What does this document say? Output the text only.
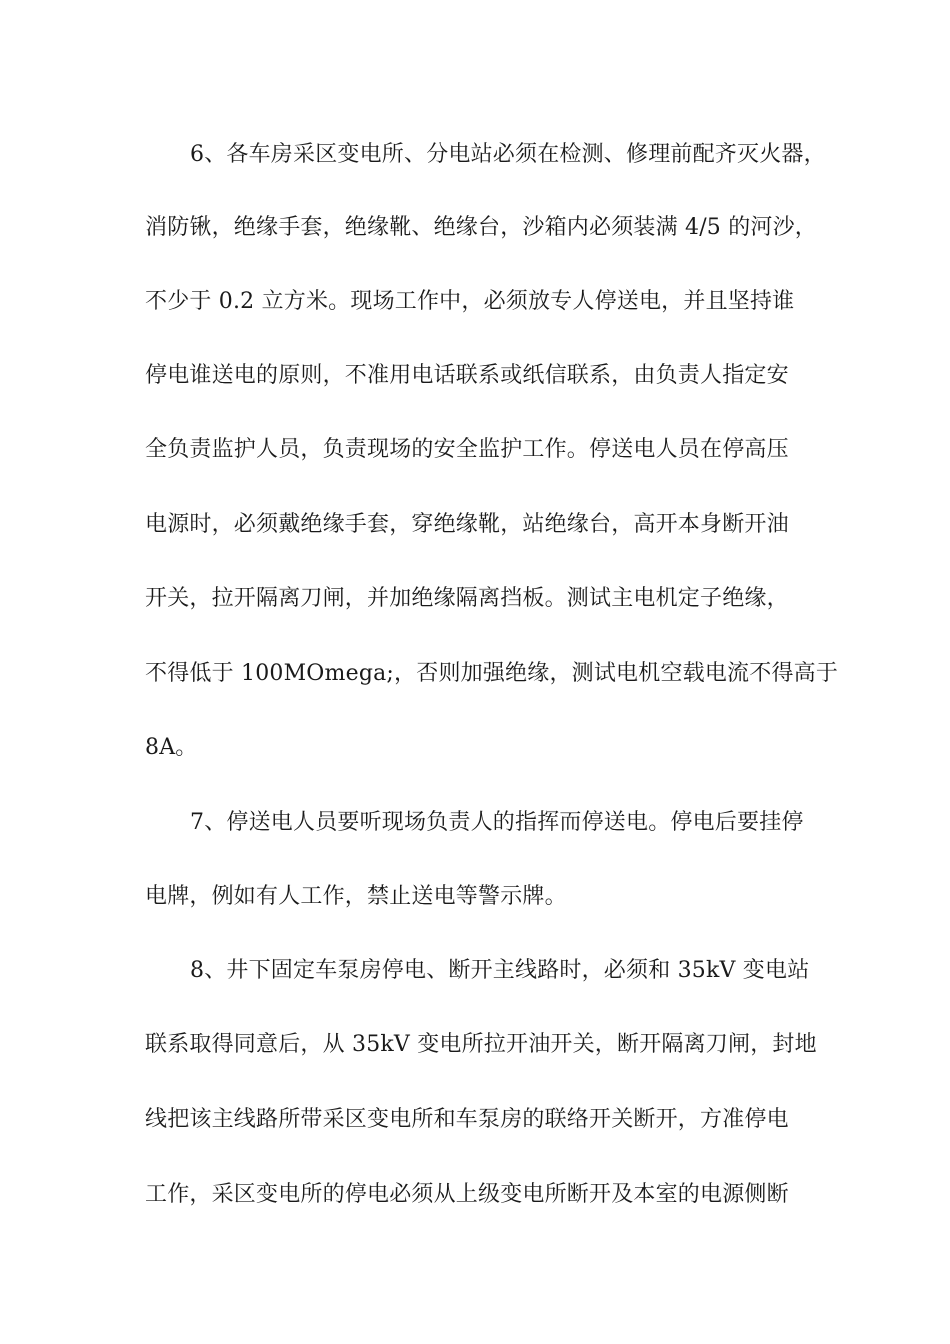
6、各车房采区变电所、分电站必须在检测、修理前配齐灭火器，
消防锹，绝缘手套，绝缘靴、绝缘台，沙箱内必须装满 4/5 的河沙，
不少于 0.2 立方米。现场工作中，必须放专人停送电，并且坚持谁
停电谁送电的原则，不准用电话联系或纸信联系，由负责人指定安
全负责监护人员，负责现场的安全监护工作。停送电人员在停高压
电源时，必须戴绝缘手套，穿绝缘靴，站绝缘台，高开本身断开油
开关，拉开隔离刀闸，并加绝缘隔离挡板。测试主电机定子绝缘，
不得低于 100MOmega;，否则加强绝缘，测试电机空载电流不得高于
8A。
7、停送电人员要听现场负责人的指挥而停送电。停电后要挂停
电牌，例如有人工作，禁止送电等警示牌。
8、井下固定车泵房停电、断开主线路时，必须和 35kV 变电站
联系取得同意后，从 35kV 变电所拉开油开关，断开隔离刀闸，封地
线把该主线路所带采区变电所和车泵房的联络开关断开，方准停电
工作，采区变电所的停电必须从上级变电所断开及本室的电源侧断
